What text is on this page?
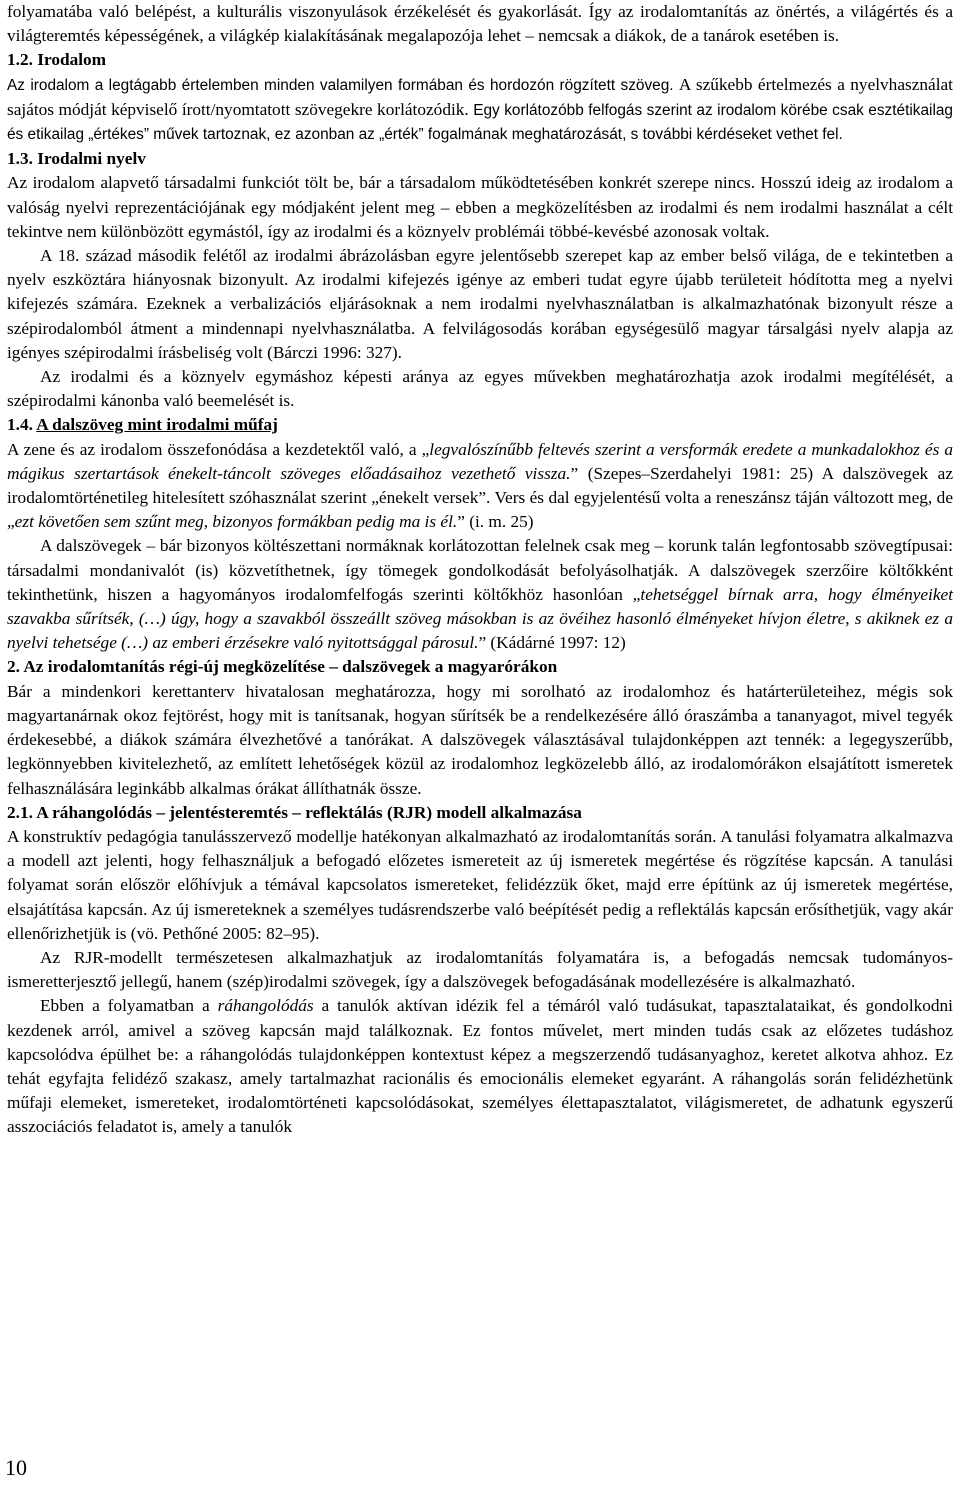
folyamatába való belépést, a kulturális viszonyulások érzékelését és gyakorlását. Így az irodalomtanítás az önértés, a világértés és a világteremtés képességének, a világkép kialakításának megalapozója lehet – nemcsak a diákok, de a tanárok esetében is.

1.2. Irodalom

Az irodalom a legtágabb értelemben minden valamilyen formában és hordozón rögzített szöveg. A szűkebb értelmezés a nyelvhasználat sajátos módját képviselő írott/nyomtatott szövegekre korlátozódik. Egy korlátozóbb felfogás szerint az irodalom körébe csak esztétikailag és etikailag „értékes” művek tartoznak, ez azonban az „érték” fogalmának meghatározását, s további kérdéseket vethet fel.

1.3. Irodalmi nyelv

Az irodalom alapvető társadalmi funkciót tölt be, bár a társadalom működtetésében konkrét szerepe nincs. Hosszú ideig az irodalom a valóság nyelvi reprezentációjának egy módjaként jelent meg – ebben a megközelítésben az irodalmi és nem irodalmi használat a célt tekintve nem különbözött egymástól, így az irodalmi és a köznyelv problémái többé-kevésbé azonosak voltak.

A 18. század második felétől az irodalmi ábrázolásban egyre jelentősebb szerepet kap az ember belső világa, de e tekintetben a nyelv eszköztára hiányosnak bizonyult. Az irodalmi kifejezés igénye az emberi tudat egyre újabb területeit hódította meg a nyelvi kifejezés számára. Ezeknek a verbalizációs eljárásoknak a nem irodalmi nyelvhasználatban is alkalmazhatónak bizonyult része a szépirodalomból átment a mindennapi nyelvhasználatba. A felvilágosodás korában egységesülő magyar társalgási nyelv alapja az igényes szépirodalmi írásbeliség volt (Bárczi 1996: 327).

Az irodalmi és a köznyelv egymáshoz képesti aránya az egyes művekben meghatározhatja azok irodalmi megítélését, a szépirodalmi kánonba való beemelését is.

1.4. A dalszöveg mint irodalmi műfaj

A zene és az irodalom összefonódása a kezdetektől való, a „legvalószínűbb feltevés szerint a versformák eredete a munkadalokhoz és a mágikus szertartások énekelt-táncolt szöveges előadásaihoz vezethető vissza.” (Szepes–Szerdahelyi 1981: 25) A dalszövegek az irodalomtörténetileg hitelesített szóhasználat szerint „énekelt versek”. Vers és dal egyjelentésű volta a reneszánsz táján változott meg, de „ezt követően sem szűnt meg, bizonyos formákban pedig ma is él.” (i. m. 25)

A dalszövegek – bár bizonyos költészettani normáknak korlátozottan felelnek csak meg – korunk talán legfontosabb szövegtípusai: társadalmi mondanivalót (is) közvetíthetnek, így tömegek gondolkodását befolyásolhatják. A dalszövegek szerzőire költőkként tekinthetünk, hiszen a hagyományos irodalomfelfogás szerinti költőkhöz hasonlóan „tehetséggel bírnak arra, hogy élményeiket szavakba sűrítsék, (…) úgy, hogy a szavakból összeállt szöveg másokban is az övéihez hasonló élményeket hívjon életre, s akiknek ez a nyelvi tehetsége (…) az emberi érzésekre való nyitottsággal párosul.” (Kádárné 1997: 12)

2. Az irodalomtanítás régi-új megközelítése – dalszövegek a magyarórákon

Bár a mindenkori kerettanterv hivatalosan meghatározza, hogy mi sorolható az irodalomhoz és határterületeihez, mégis sok magyartanárnak okoz fejtörést, hogy mit is tanítsanak, hogyan sűrítsék be a rendelkezésére álló óraszámba a tananyagot, mivel tegyék érdekesebbé, a diákok számára élvezhetővé a tanórákat. A dalszövegek választásával tulajdonképpen azt tennék: a legegyszerűbb, legkönnyebben kivitelezhető, az említett lehetőségek közül az irodalomhoz legközelebb álló, az irodalomórákon elsajátított ismeretek felhasználására leginkább alkalmas órákat állíthatnák össze.

2.1. A ráhangolódás – jelentésteremtés – reflektálás (RJR) modell alkalmazása

A konstruktív pedagógia tanulásszervező modellje hatékonyan alkalmazható az irodalomtanítás során. A tanulási folyamatra alkalmazva a modell azt jelenti, hogy felhasználjuk a befogadó előzetes ismereteit az új ismeretek megértése és rögzítése kapcsán. A tanulási folyamat során először előhívjuk a témával kapcsolatos ismereteket, felidézzük őket, majd erre építünk az új ismeretek megértése, elsajátítása kapcsán. Az új ismereteknek a személyes tudásrendszerbe való beépítését pedig a reflektálás kapcsán erősíthetjük, vagy akár ellenőrizhetjük is (vö. Pethőné 2005: 82–95).

Az RJR-modellt természetesen alkalmazhatjuk az irodalomtanítás folyamatára is, a befogadás nemcsak tudományos-ismeretterjesztő jellegű, hanem (szép)irodalmi szövegek, így a dalszövegek befogadásának modellezésére is alkalmazható.

Ebben a folyamatban a ráhangolódás a tanulók aktívan idézik fel a témáról való tudásukat, tapasztalataikat, és gondolkodni kezdenek arról, amivel a szöveg kapcsán majd találkoznak. Ez fontos művelet, mert minden tudás csak az előzetes tudáshoz kapcsolódva épülhet be: a ráhangolódás tulajdonképpen kontextust képez a megszerzendő tudásanyaghoz, keretet alkotva ahhoz. Ez tehát egyfajta felidéző szakasz, amely tartalmazhat racionális és emocionális elemeket egyaránt. A ráhangolás során felidézhetünk műfaji elemeket, ismereteket, irodalomtörténeti kapcsolódásokat, személyes élettapasztalatot, világismeretet, de adhatunk egyszerű asszociációs feladatot is, amely a tanulók

10
